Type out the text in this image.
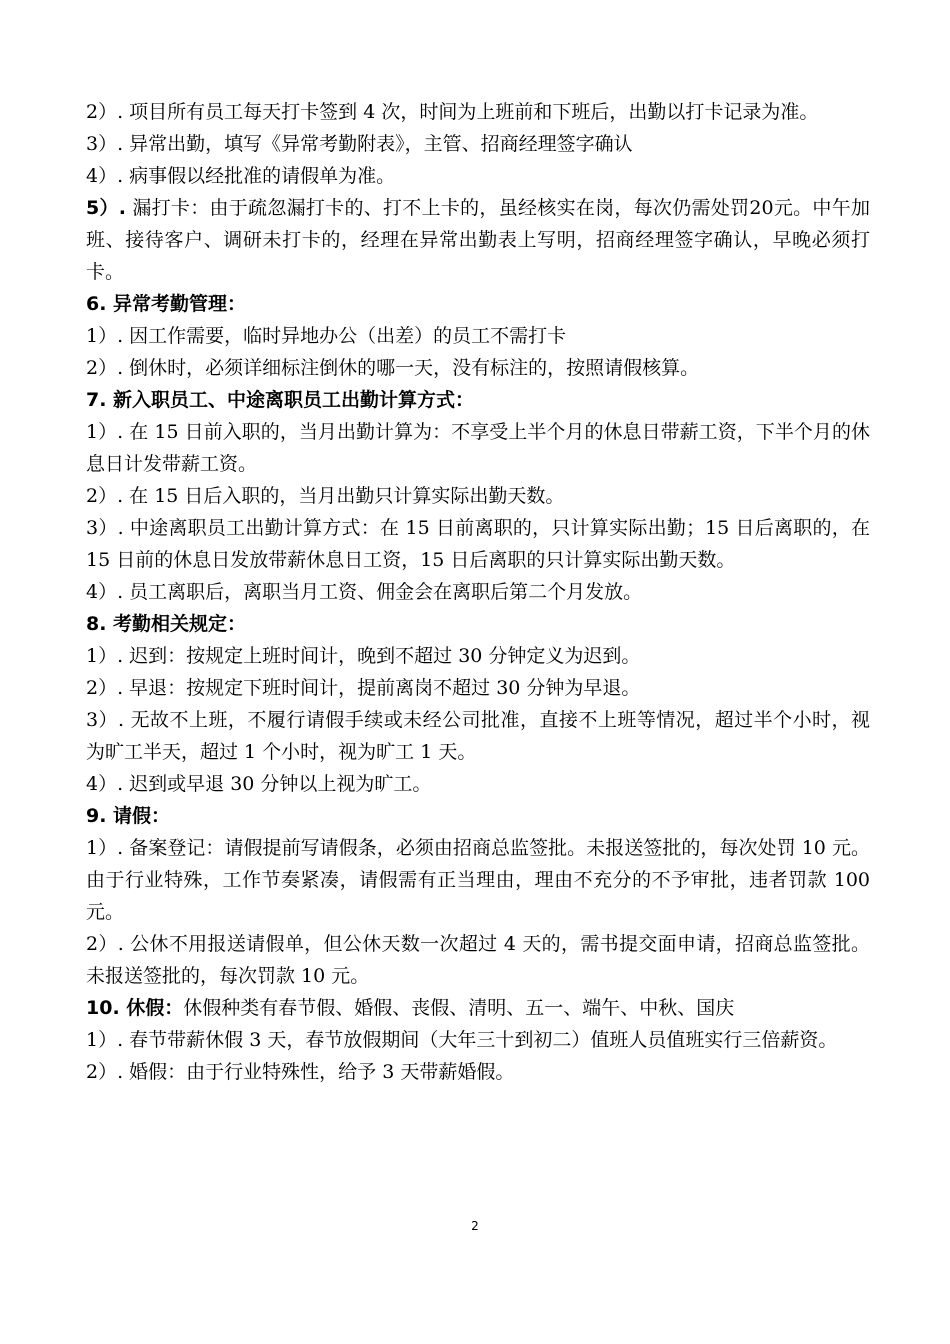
2）. 项目所有员工每天打卡签到 4 次，时间为上班前和下班后，出勤以打卡记录为准。

3）. 异常出勤，填写《异常考勤附表》，主管、招商经理签字确认

4）. 病事假以经批准的请假单为准。

5）. 漏打卡：由于疏忽漏打卡的、打不上卡的，虽经核实在岗，每次仍需处罚20元。中午加班、接待客户、调研未打卡的，经理在异常出勤表上写明，招商经理签字确认，早晚必须打卡。

6. 异常考勤管理：

1）. 因工作需要，临时异地办公（出差）的员工不需打卡

2）. 倒休时，必须详细标注倒休的哪一天，没有标注的，按照请假核算。

7. 新入职员工、中途离职员工出勤计算方式：

1）. 在 15 日前入职的，当月出勤计算为：不享受上半个月的休息日带薪工资，下半个月的休息日计发带薪工资。

2）. 在 15 日后入职的，当月出勤只计算实际出勤天数。

3）. 中途离职员工出勤计算方式：在 15 日前离职的，只计算实际出勤；15 日后离职的，在 15 日前的休息日发放带薪休息日工资，15 日后离职的只计算实际出勤天数。

4）. 员工离职后，离职当月工资、佣金会在离职后第二个月发放。

8. 考勤相关规定：

1）. 迟到：按规定上班时间计，晚到不超过 30 分钟定义为迟到。

2）. 早退：按规定下班时间计，提前离岗不超过 30 分钟为早退。

3）. 无故不上班，不履行请假手续或未经公司批准，直接不上班等情况，超过半个小时，视为旷工半天，超过 1 个小时，视为旷工 1 天。

4）. 迟到或早退 30 分钟以上视为旷工。

9. 请假：

1）. 备案登记：请假提前写请假条，必须由招商总监签批。未报送签批的，每次处罚 10 元。由于行业特殊，工作节奏紧凑，请假需有正当理由，理由不充分的不予审批，违者罚款 100 元。

2）. 公休不用报送请假单，但公休天数一次超过 4 天的，需书提交面申请，招商总监签批。未报送签批的，每次罚款 10 元。

10. 休假：休假种类有春节假、婚假、丧假、清明、五一、端午、中秋、国庆

1）. 春节带薪休假 3 天，春节放假期间（大年三十到初二）值班人员值班实行三倍薪资。

2）. 婚假：由于行业特殊性，给予 3 天带薪婚假。

2
